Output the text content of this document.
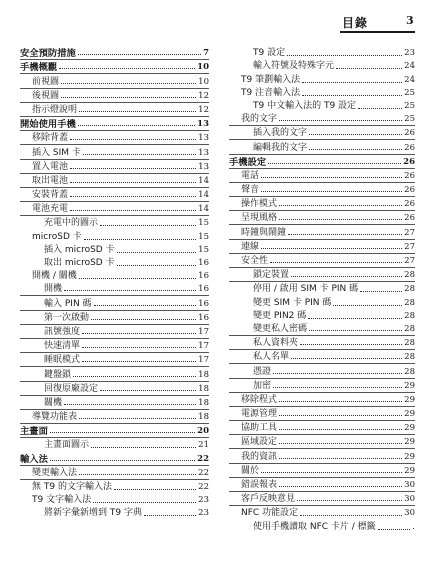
目錄	3
安全預防措施	7
手機概觀	10
前視圖	10
後視圖	12
指示燈說明	12
開始使用手機	13
移除背蓋	13
插入 SIM 卡	13
置入電池	13
取出電池	14
安裝背蓋	14
電池充電	14
充電中的圖示	15
microSD 卡	15
插入 microSD 卡	15
取出 microSD 卡	16
開機 / 關機	16
開機	16
輸入 PIN 碼	16
第一次啟動	16
訊號強度	17
快速清單	17
睡眠模式	17
鍵盤鎖	18
回復原廠設定	18
關機	18
導覽功能表	18
主畫面	20
主畫面圖示	21
輸入法	22
變更輸入法	22
無 T9 的文字輸入法	22
T9 文字輸入法	23
將新字彙新增到 T9 字典	23
T9 設定	23
輸入符號及特殊字元	24
T9 筆劃輸入法	24
T9 注音輸入法	25
T9 中文輸入法的 T9 設定	25
我的文字	25
插入我的文字	26
編輯我的文字	26
手機設定	26
電話	26
聲音	26
操作模式	26
呈現風格	26
時鐘與鬧鐘	27
連線	27
安全性	27
鎖定裝置	28
停用 / 啟用 SIM 卡 PIN 碼	28
變更 SIM 卡 PIN 碼	28
變更 PIN2 碼	28
變更私人密碼	28
私人資料夾	28
私人名單	28
憑證	28
加密	29
移除程式	29
電源管理	29
協助工具	29
區域設定	29
我的資訊	29
關於	29
錯誤報表	30
客戶反映意見	30
NFC 功能設定	30
使用手機讀取 NFC 卡片 / 標籤	.
